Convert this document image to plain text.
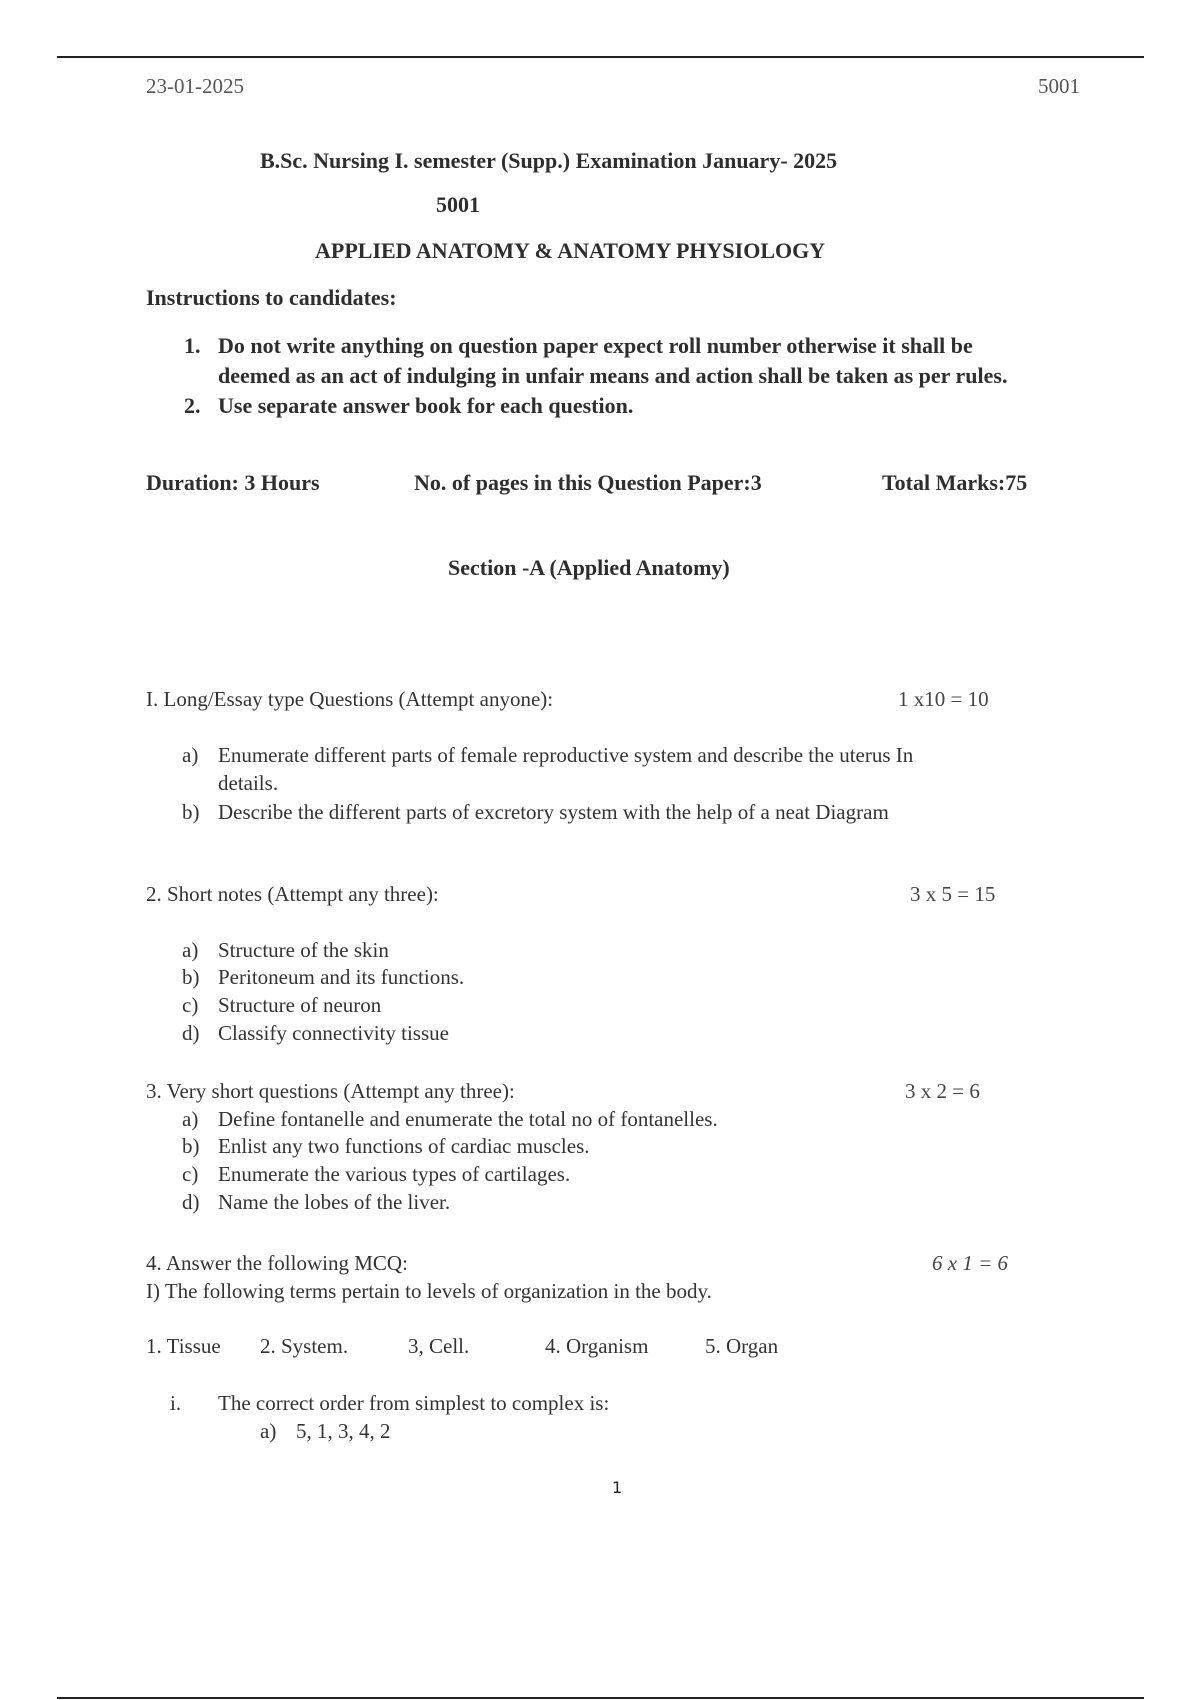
23-01-2025	5001
B.Sc. Nursing I. semester (Supp.) Examination January- 2025
5001
APPLIED ANATOMY & ANATOMY PHYSIOLOGY
Instructions to candidates:
1. Do not write anything on question paper expect roll number otherwise it shall be
deemed as an act of indulging in unfair means and action shall be taken as per rules.
2. Use separate answer book for each question.
Duration: 3 Hours	No. of pages in this Question Paper:3	Total Marks:75
Section -A (Applied Anatomy)
I. Long/Essay type Questions (Attempt anyone):	1 x10 = 10
a) Enumerate different parts of female reproductive system and describe the uterus In
details.
b) Describe the different parts of excretory system with the help of a neat Diagram
2. Short notes (Attempt any three):	3 x 5 = 15
a) Structure of the skin
b) Peritoneum and its functions.
c) Structure of neuron
d) Classify connectivity tissue
3. Very short questions (Attempt any three):	3 x 2 = 6
a) Define fontanelle and enumerate the total no of fontanelles.
b) Enlist any two functions of cardiac muscles.
c) Enumerate the various types of cartilages.
d) Name the lobes of the liver.
4. Answer the following MCQ:	6 x 1 = 6
I) The following terms pertain to levels of organization in the body.
1. Tissue 2. System.	3, Cell.	4. Organism	5. Organ
i. The correct order from simplest to complex is:
a) 5, 1, 3, 4, 2
1
